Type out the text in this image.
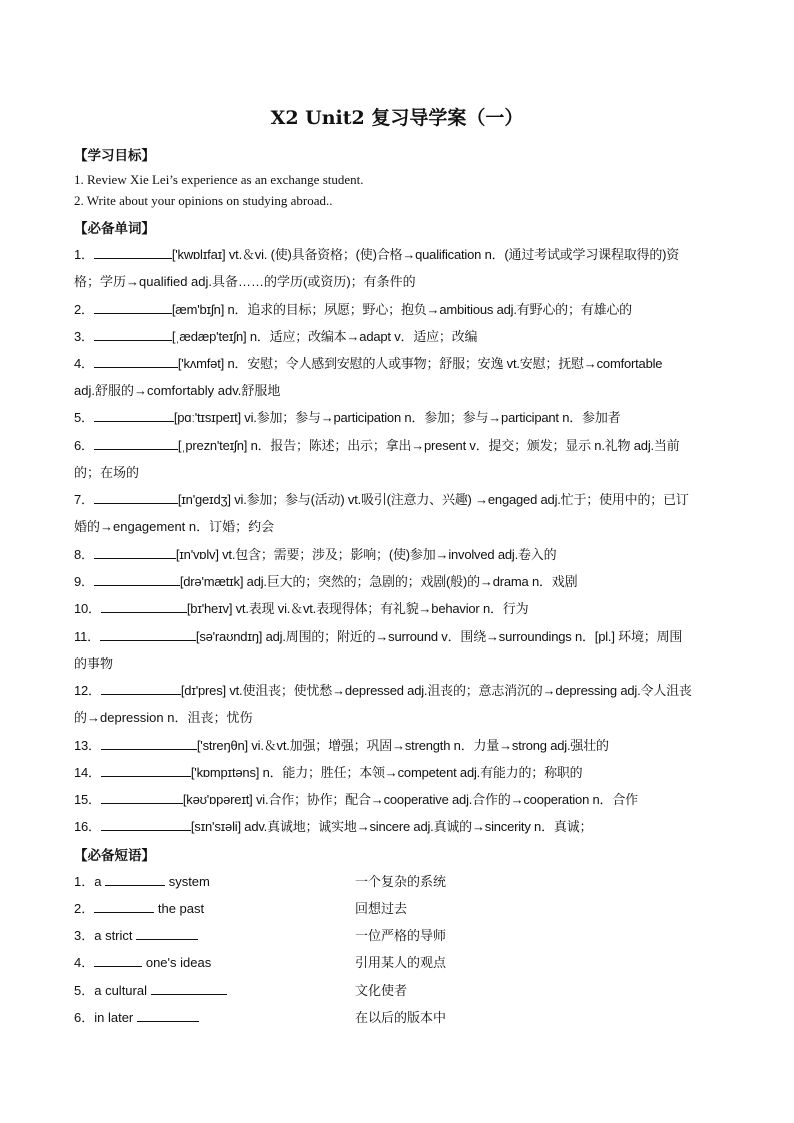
X2 Unit2 复习导学案（一）
【学习目标】
1. Review Xie Lei’s experience as an exchange student.
2. Write about your opinions on studying abroad..
【必备单词】
1．	['kwɒlɪfaɪ] vt.＆vi. (使)具备资格；(使)合格→qualification n．(通过考试或学习课程取得的)资
格；学历→qualified adj.具备……的学历(或资历)；有条件的
2．	[æm'bɪʃn] n．追求的目标；夙愿；野心；抱负→ambitious adj.有野心的；有雄心的
3．	[ˌædæp'teɪʃn] n．适应；改编本→adapt v．适应；改编
4．	['kʌmfət] n．安慰；令人感到安慰的人或事物；舒服；安逸 vt.安慰；抚慰→comfortable
adj.舒服的→comfortably adv.舒服地
5．	[pɑː'tɪsɪpeɪt] vi.参加；参与→participation n．参加；参与→participant n．参加者
6．	[ˌprezn'teɪʃn] n．报告；陈述；出示；拿出→present v．提交；颁发；显示 n.礼物 adj.当前
的；在场的
7．	[ɪn'ɡeɪdʒ] vi.参加；参与(活动) vt.吸引(注意力、兴趣) →engaged adj.忙于；使用中的；已订
婚的→engagement n．订婚；约会
8．	[ɪn'vɒlv] vt.包含；需要；涉及；影响；(使)参加→involved adj.卷入的
9．	[drə'mætɪk] adj.巨大的；突然的；急剧的；戏剧(般)的→drama n．戏剧
10．	[bɪ'heɪv] vt.表现 vi.＆vt.表现得体；有礼貌→behavior n．行为
11．	[sə'raʊndɪŋ] adj.周围的；附近的→surround v．围绕→surroundings n．[pl.] 环境；周围
的事物
12．	[dɪ'pres] vt.使沮丧；使忧愁→depressed adj.沮丧的；意志消沉的→depressing adj.令人沮丧
的→depression n．沮丧；忧伤
13．	['streŋθn] vi.＆vt.加强；增强；巩固→strength n．力量→strong adj.强壮的
14．	['kɒmpɪtəns] n．能力；胜任；本领→competent adj.有能力的；称职的
15．	[kəʊ'ɒpəreɪt] vi.合作；协作；配合→cooperative adj.合作的→cooperation n．合作
16．	[sɪn'sɪəli] adv.真诚地；诚实地→sincere adj.真诚的→sincerity n．真诚；
【必备短语】
1．a	system	一个复杂的系统
2．	the past	回想过去
3．a strict	一位严格的导师
4．	one's ideas	引用某人的观点
5．a cultural	文化使者
6．in later	在以后的版本中
